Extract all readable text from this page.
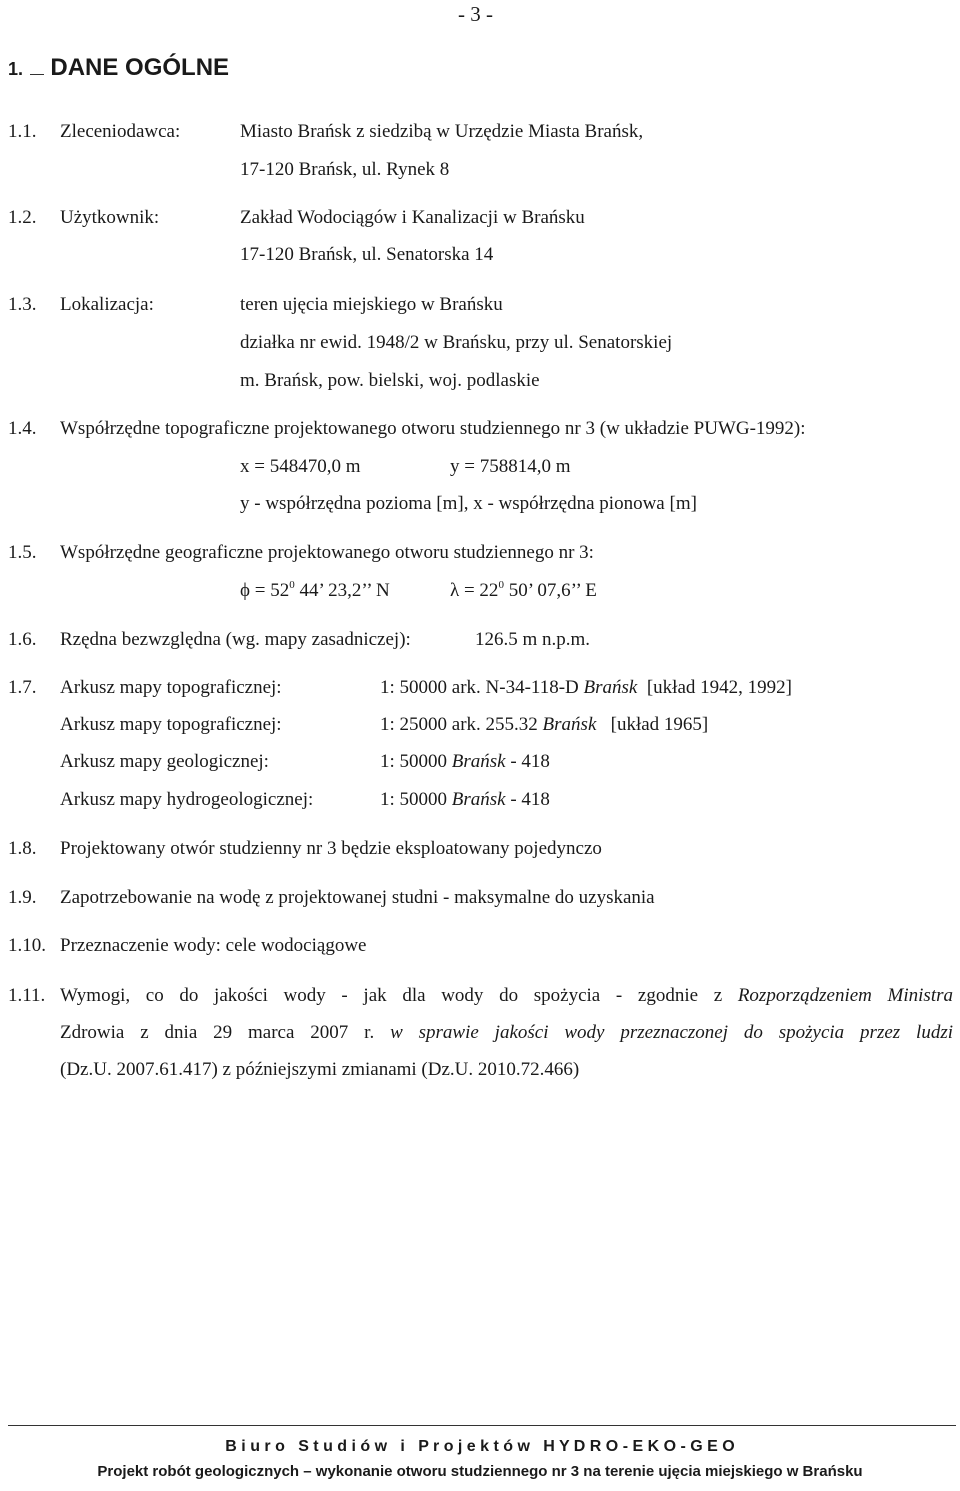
- 3 -
1. DANE OGÓLNE
1.1. Zleceniodawca:	Miasto Brańsk z siedzibą w Urzędzie Miasta Brańsk,
17-120 Brańsk, ul. Rynek 8
1.2. Użytkownik:	Zakład Wodociągów i Kanalizacji w Brańsku
17-120 Brańsk, ul. Senatorska 14
1.3. Lokalizacja:	teren ujęcia miejskiego w Brańsku
działka nr ewid. 1948/2 w Brańsku, przy ul. Senatorskiej
m. Brańsk, pow. bielski, woj. podlaskie
1.4. Współrzędne topograficzne projektowanego otworu studziennego nr 3 (w układzie PUWG-1992):
x = 548470,0 m	y = 758814,0 m
y - współrzędna pozioma [m], x - współrzędna pionowa [m]
1.5. Współrzędne geograficzne projektowanego otworu studziennego nr 3:
$\phi = 52^0$ 44’ 23,2’’ N	$\lambda = 22^0$ 50’ 07,6’’ E
1.6. Rzędna bezwzględna (wg. mapy zasadniczej):	126.5 m n.p.m.
1.7. Arkusz mapy topograficznej:	1: 50000 ark. N-34-118-D Brańsk  [układ 1942, 1992]
Arkusz mapy topograficznej:	1: 25000 ark. 255.32 Brańsk   [układ 1965]
Arkusz mapy geologicznej:	1: 50000 Brańsk - 418
Arkusz mapy hydrogeologicznej:	1: 50000 Brańsk - 418
1.8. Projektowany otwór studzienny nr 3 będzie eksploatowany pojedynczo
1.9. Zapotrzebowanie na wodę z projektowanej studni - maksymalne do uzyskania
1.10. Przeznaczenie wody: cele wodociągowe
1.11. Wymogi, co do jakości wody - jak dla wody do spożycia - zgodnie z Rozporządzeniem Ministra
Zdrowia z dnia 29 marca 2007 r. w sprawie jakości wody przeznaczonej do spożycia przez ludzi
(Dz.U. 2007.61.417) z późniejszymi zmianami (Dz.U. 2010.72.466)
B i u r o   S t u d i ó w   i   P r o j e k t ó w   H Y D R O - E K O - G E O
Projekt robót geologicznych – wykonanie otworu studziennego nr 3 na terenie ujęcia miejskiego w Brańsku
